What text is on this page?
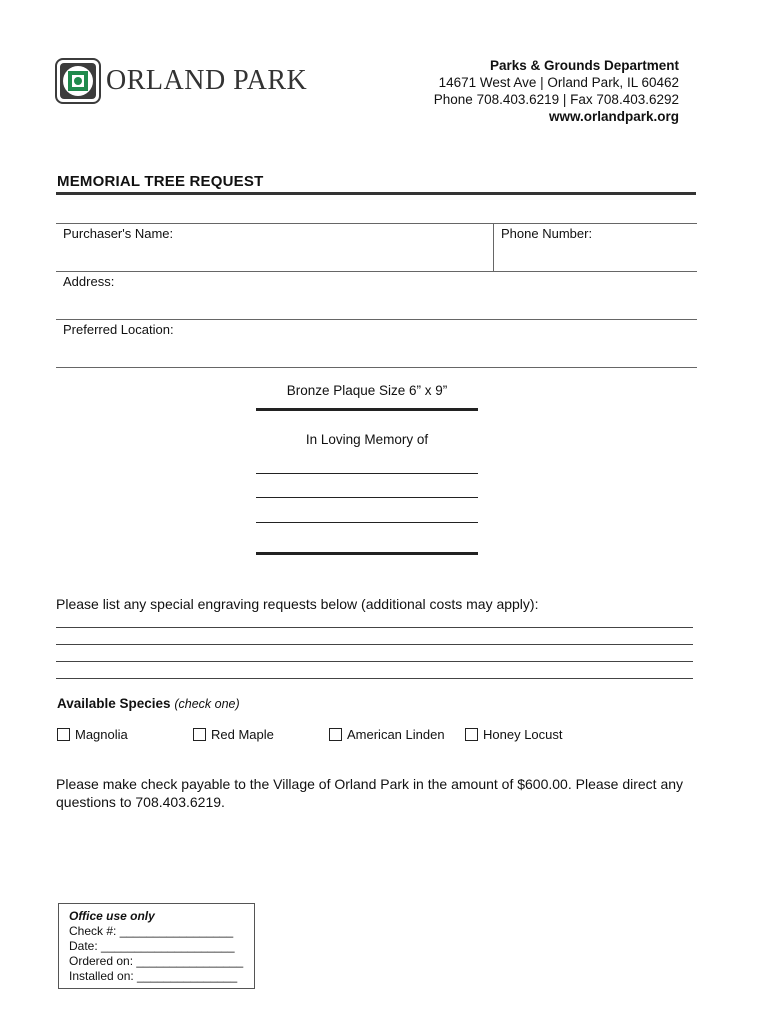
ORLAND PARK	Parks & Grounds Department
14671 West Ave | Orland Park, IL 60462
Phone 708.403.6219 | Fax 708.403.6292
www.orlandpark.org
MEMORIAL TREE REQUEST
Purchaser's Name:	Phone Number:
Address:
Preferred Location:
Bronze Plaque Size 6” x 9”
In Loving Memory of
Please list any special engraving requests below (additional costs may apply):
Available Species (check one)
Magnolia	Red Maple	American Linden	Honey Locust
Please make check payable to the Village of Orland Park in the amount of $600.00. Please direct any questions to 708.403.6219.
Office use only
Check #: _________________
Date: ____________________
Ordered on: ________________
Installed on: _______________
